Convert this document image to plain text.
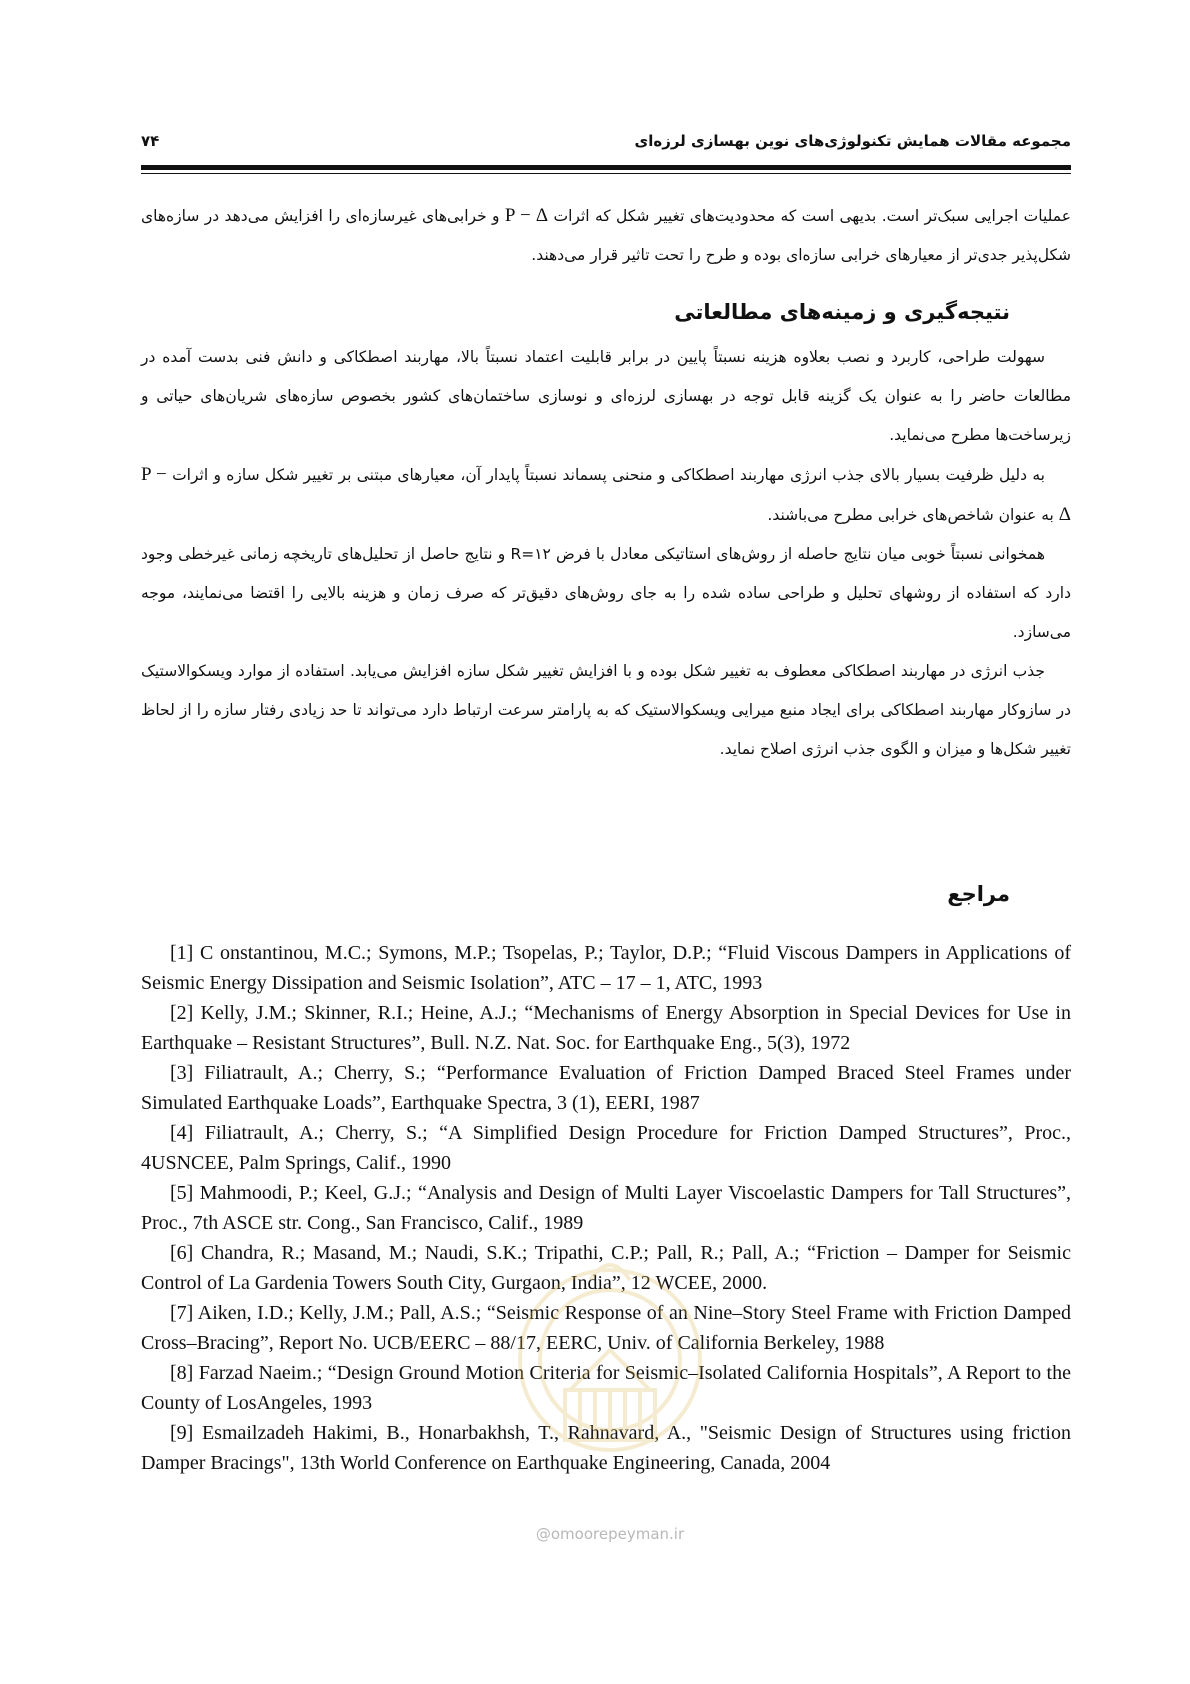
مجموعه مقالات همایش تکنولوژی‌های نوین بهسازی لرزه‌ای
۷۴

عملیات اجرایی سبک‌تر است. بدیهی است که محدودیت‌های تغییر شکل که اثرات P − Δ و خرابی‌های غیرسازه‌ای را افزایش می‌دهد در سازه‌های شکل‌پذیر جدی‌تر از معیارهای خرابی سازه‌ای بوده و طرح را تحت تاثیر قرار می‌دهند.

نتیجه‌گیری و زمینه‌های مطالعاتی

سهولت طراحی، کاربرد و نصب بعلاوه هزینه نسبتاً پایین در برابر قابلیت اعتماد نسبتاً بالا، مهاربند اصطکاکی و دانش فنی بدست آمده در مطالعات حاضر را به عنوان یک گزینه قابل توجه در بهسازی لرزه‌ای و نوسازی ساختمان‌های کشور بخصوص سازه‌های شریان‌های حیاتی و زیرساخت‌ها مطرح می‌نماید.

به دلیل ظرفیت بسیار بالای جذب انرژی مهاربند اصطکاکی و منحنی پسماند نسبتاً پایدار آن، معیارهای مبتنی بر تغییر شکل سازه و اثرات P − Δ به عنوان شاخص‌های خرابی مطرح می‌باشند.

همخوانی نسبتاً خوبی میان نتایج حاصله از روش‌های استاتیکی معادل با فرض R=۱۲ و نتایج حاصل از تحلیل‌های تاریخچه زمانی غیرخطی وجود دارد که استفاده از روشهای تحلیل و طراحی ساده شده را به جای روش‌های دقیق‌تر که صرف زمان و هزینه بالایی را اقتضا می‌نمایند، موجه می‌سازد.

جذب انرژی در مهاربند اصطکاکی معطوف به تغییر شکل بوده و با افزایش تغییر شکل سازه افزایش می‌یابد. استفاده از موارد ویسکوالاستیک در سازوکار مهاربند اصطکاکی برای ایجاد منبع میرایی ویسکوالاستیک که به پارامتر سرعت ارتباط دارد می‌تواند تا حد زیادی رفتار سازه را از لحاظ تغییر شکل‌ها و میزان و الگوی جذب انرژی اصلاح نماید.

مراجع

[1] C onstantinou, M.C.; Symons, M.P.; Tsopelas, P.; Taylor, D.P.; “Fluid Viscous Dampers in Applications of Seismic Energy Dissipation and Seismic Isolation”, ATC – 17 – 1, ATC, 1993

[2] Kelly, J.M.; Skinner, R.I.; Heine, A.J.; “Mechanisms of Energy Absorption in Special Devices for Use in Earthquake – Resistant Structures”, Bull. N.Z. Nat. Soc. for Earthquake Eng., 5(3), 1972

[3] Filiatrault, A.; Cherry, S.; “Performance Evaluation of Friction Damped Braced Steel Frames under Simulated Earthquake Loads”, Earthquake Spectra, 3 (1), EERI, 1987

[4] Filiatrault, A.; Cherry, S.; “A Simplified Design Procedure for Friction Damped Structures”, Proc., 4USNCEE, Palm Springs, Calif., 1990

[5] Mahmoodi, P.; Keel, G.J.; “Analysis and Design of Multi Layer Viscoelastic Dampers for Tall Structures”, Proc., 7th ASCE str. Cong., San Francisco, Calif., 1989

[6] Chandra, R.; Masand, M.; Naudi, S.K.; Tripathi, C.P.; Pall, R.; Pall, A.; “Friction – Damper for Seismic Control of La Gardenia Towers South City, Gurgaon, India”, 12 WCEE, 2000.

[7] Aiken, I.D.; Kelly, J.M.; Pall, A.S.; “Seismic Response of an Nine–Story Steel Frame with Friction Damped Cross–Bracing”, Report No. UCB/EERC – 88/17, EERC, Univ. of California Berkeley, 1988

[8] Farzad Naeim.; “Design Ground Motion Criteria for Seismic–Isolated California Hospitals”, A Report to the County of LosAngeles, 1993

[9] Esmailzadeh Hakimi, B., Honarbakhsh, T., Rahnavard, A., "Seismic Design of Structures using friction Damper Bracings", 13th World Conference on Earthquake Engineering, Canada, 2004

@omoorepeyman.ir
